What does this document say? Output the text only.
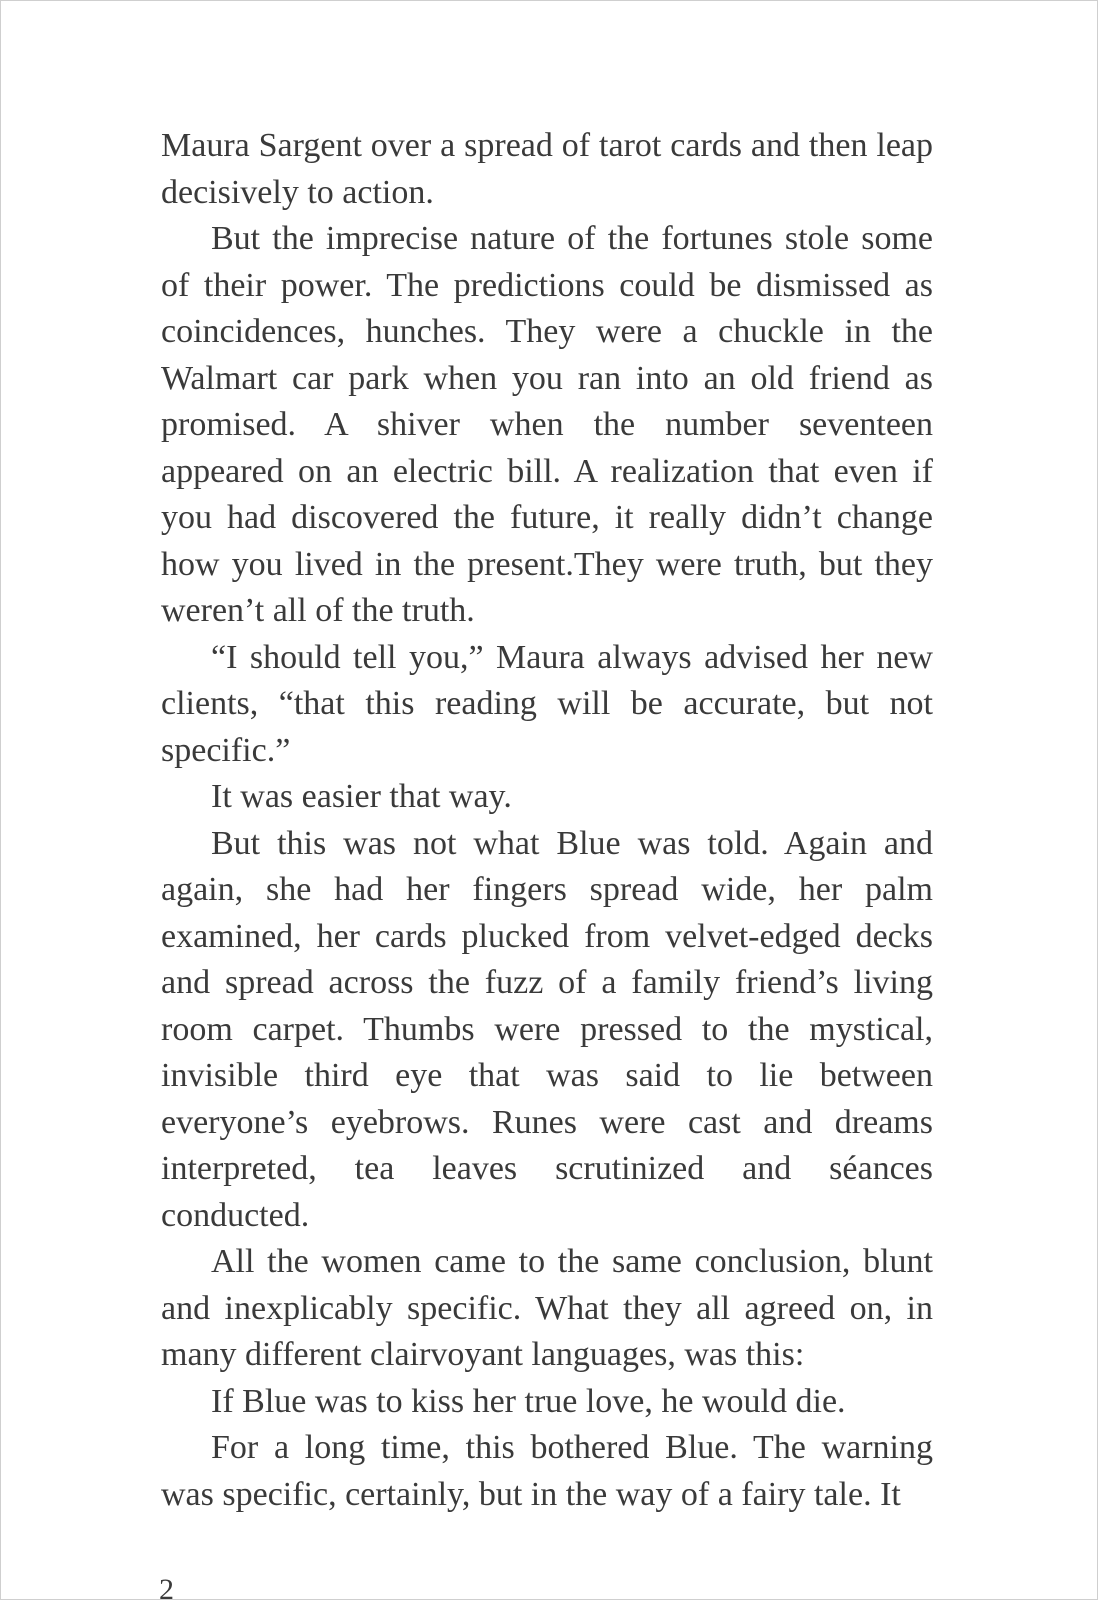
Maura Sargent over a spread of tarot cards and then leap decisively to action.

But the imprecise nature of the fortunes stole some of their power. The predictions could be dismissed as coincidences, hunches. They were a chuckle in the Walmart car park when you ran into an old friend as promised. A shiver when the number seventeen appeared on an electric bill. A realization that even if you had discovered the future, it really didn’t change how you lived in the present.They were truth, but they weren’t all of the truth.

“I should tell you,” Maura always advised her new clients, “that this reading will be accurate, but not specific.”

It was easier that way.

But this was not what Blue was told. Again and again, she had her fingers spread wide, her palm examined, her cards plucked from velvet-edged decks and spread across the fuzz of a family friend’s living room carpet. Thumbs were pressed to the mystical, invisible third eye that was said to lie between everyone’s eyebrows. Runes were cast and dreams interpreted, tea leaves scrutinized and séances conducted.

All the women came to the same conclusion, blunt and inexplicably specific. What they all agreed on, in many different clairvoyant languages, was this:

If Blue was to kiss her true love, he would die.

For a long time, this bothered Blue. The warning was specific, certainly, but in the way of a fairy tale. It

2
